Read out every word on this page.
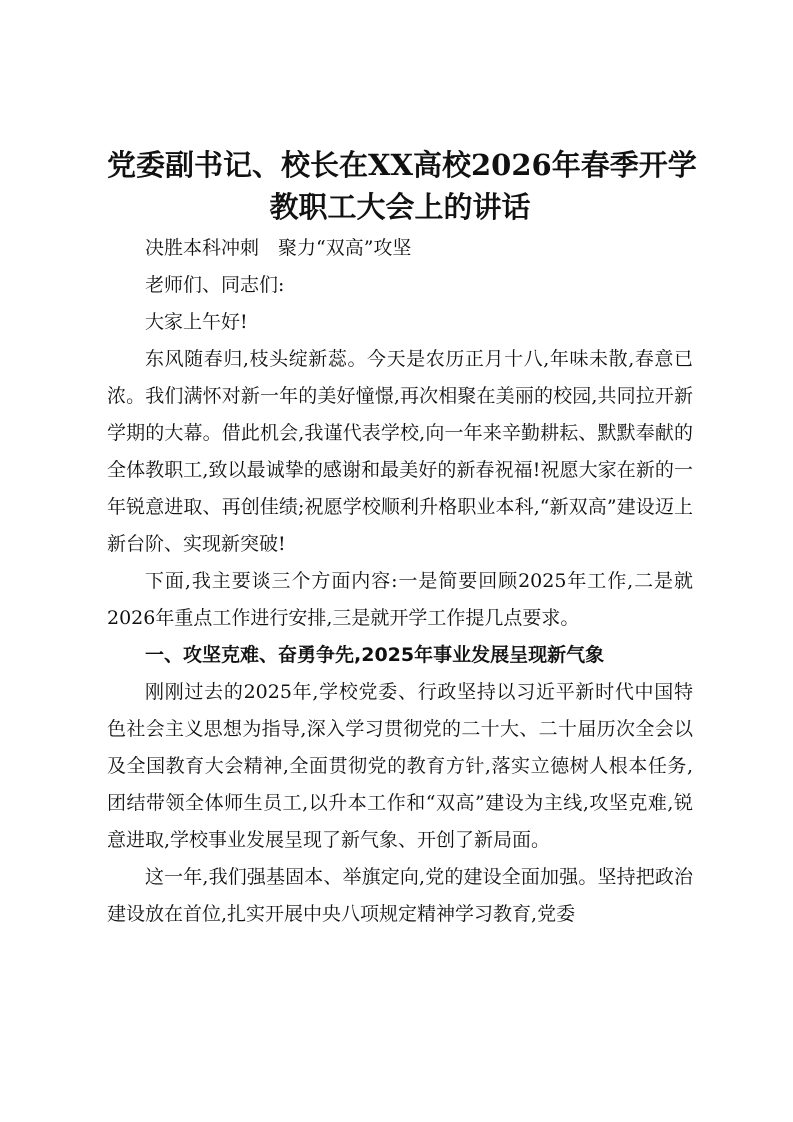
党委副书记、校长在XX高校2026年春季开学
教职工大会上的讲话

决胜本科冲刺　聚力“双高”攻坚

老师们、同志们:

大家上午好!

东风随春归,枝头绽新蕊。今天是农历正月十八,年味未散,春意已浓。我们满怀对新一年的美好憧憬,再次相聚在美丽的校园,共同拉开新学期的大幕。借此机会,我谨代表学校,向一年来辛勤耕耘、默默奉献的全体教职工,致以最诚挚的感谢和最美好的新春祝福!祝愿大家在新的一年锐意进取、再创佳绩;祝愿学校顺利升格职业本科,“新双高”建设迈上新台阶、实现新突破!

下面,我主要谈三个方面内容:一是简要回顾2025年工作,二是就2026年重点工作进行安排,三是就开学工作提几点要求。

一、攻坚克难、奋勇争先,2025年事业发展呈现新气象

刚刚过去的2025年,学校党委、行政坚持以习近平新时代中国特色社会主义思想为指导,深入学习贯彻党的二十大、二十届历次全会以及全国教育大会精神,全面贯彻党的教育方针,落实立德树人根本任务,团结带领全体师生员工,以升本工作和“双高”建设为主线,攻坚克难,锐意进取,学校事业发展呈现了新气象、开创了新局面。

这一年,我们强基固本、举旗定向,党的建设全面加强。坚持把政治建设放在首位,扎实开展中央八项规定精神学习教育,党委
